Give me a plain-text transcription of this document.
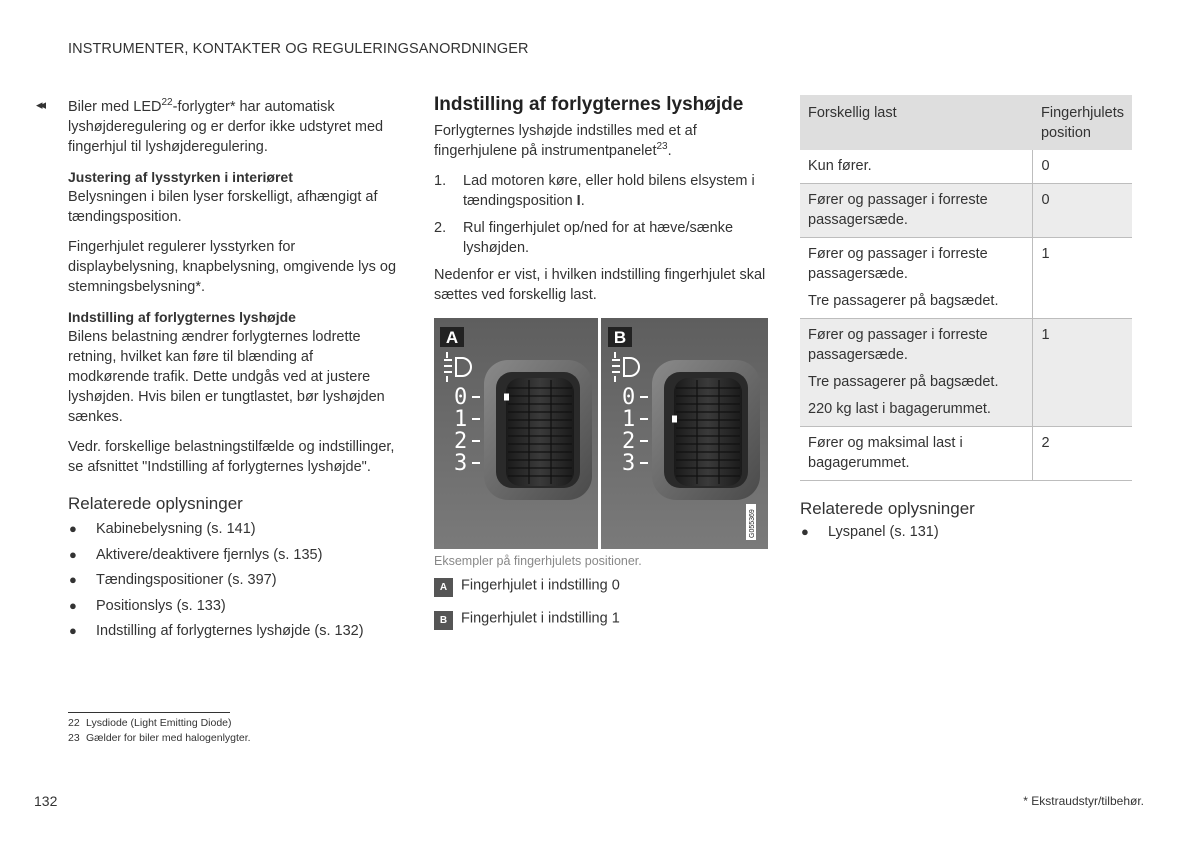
INSTRUMENTER, KONTAKTER OG REGULERINGSANORDNINGER
◂◂ Biler med LED$^{22}$-forlygter* har automatisk lyshøjderegulering og er derfor ikke udstyret med fingerhjul til lyshøjderegulering.

Justering af lysstyrken i interiøret

Belysningen i bilen lyser forskelligt, afhængigt af tændingsposition.

Fingerhjulet regulerer lysstyrken for displaybelysning, knapbelysning, omgivende lys og stemningsbelysning*.

Indstilling af forlygternes lyshøjde

Bilens belastning ændrer forlygternes lodrette retning, hvilket kan føre til blænding af modkørende trafik. Dette undgås ved at justere lyshøjden. Hvis bilen er tungtlastet, bør lyshøjden sænkes.

Vedr. forskellige belastningstilfælde og indstillinger, se afsnittet "Indstilling af forlygternes lyshøjde".

Relaterede oplysninger

● Kabinebelysning (s. 141)
● Aktivere/deaktivere fjernlys (s. 135)
● Tændingspositioner (s. 397)
● Positionslys (s. 133)
● Indstilling af forlygternes lyshøjde (s. 132)

Indstilling af forlygternes lyshøjde

Forlygternes lyshøjde indstilles med et af fingerhjulene på instrumentpanelet$^{23}$.

1. Lad motoren køre, eller hold bilens elsystem i tændingsposition I.
2. Rul fingerhjulet op/ned for at hæve/sænke lyshøjden.

Nedenfor er vist, i hvilken indstilling fingerhjulet skal sættes ved forskellig last.

A
0
1
2
3
B
0
1
2
3
G055369
Eksempler på fingerhjulets positioner.
A Fingerhjulet i indstilling 0
B Fingerhjulet i indstilling 1
Forskellig last	Fingerhjulets position

Kun fører.	0

Fører og passager i forreste passagersæde.	0

Fører og passager i forreste passagersæde.
Tre passagerer på bagsædet.	1

Fører og passager i forreste passagersæde.
Tre passagerer på bagsædet.
220 kg last i bagagerummet.	1

Fører og maksimal last i bagagerummet.	2

Relaterede oplysninger

● Lyspanel (s. 131)
22 Lysdiode (Light Emitting Diode)
23 Gælder for biler med halogenlygter.
132	* Ekstraudstyr/tilbehør.
